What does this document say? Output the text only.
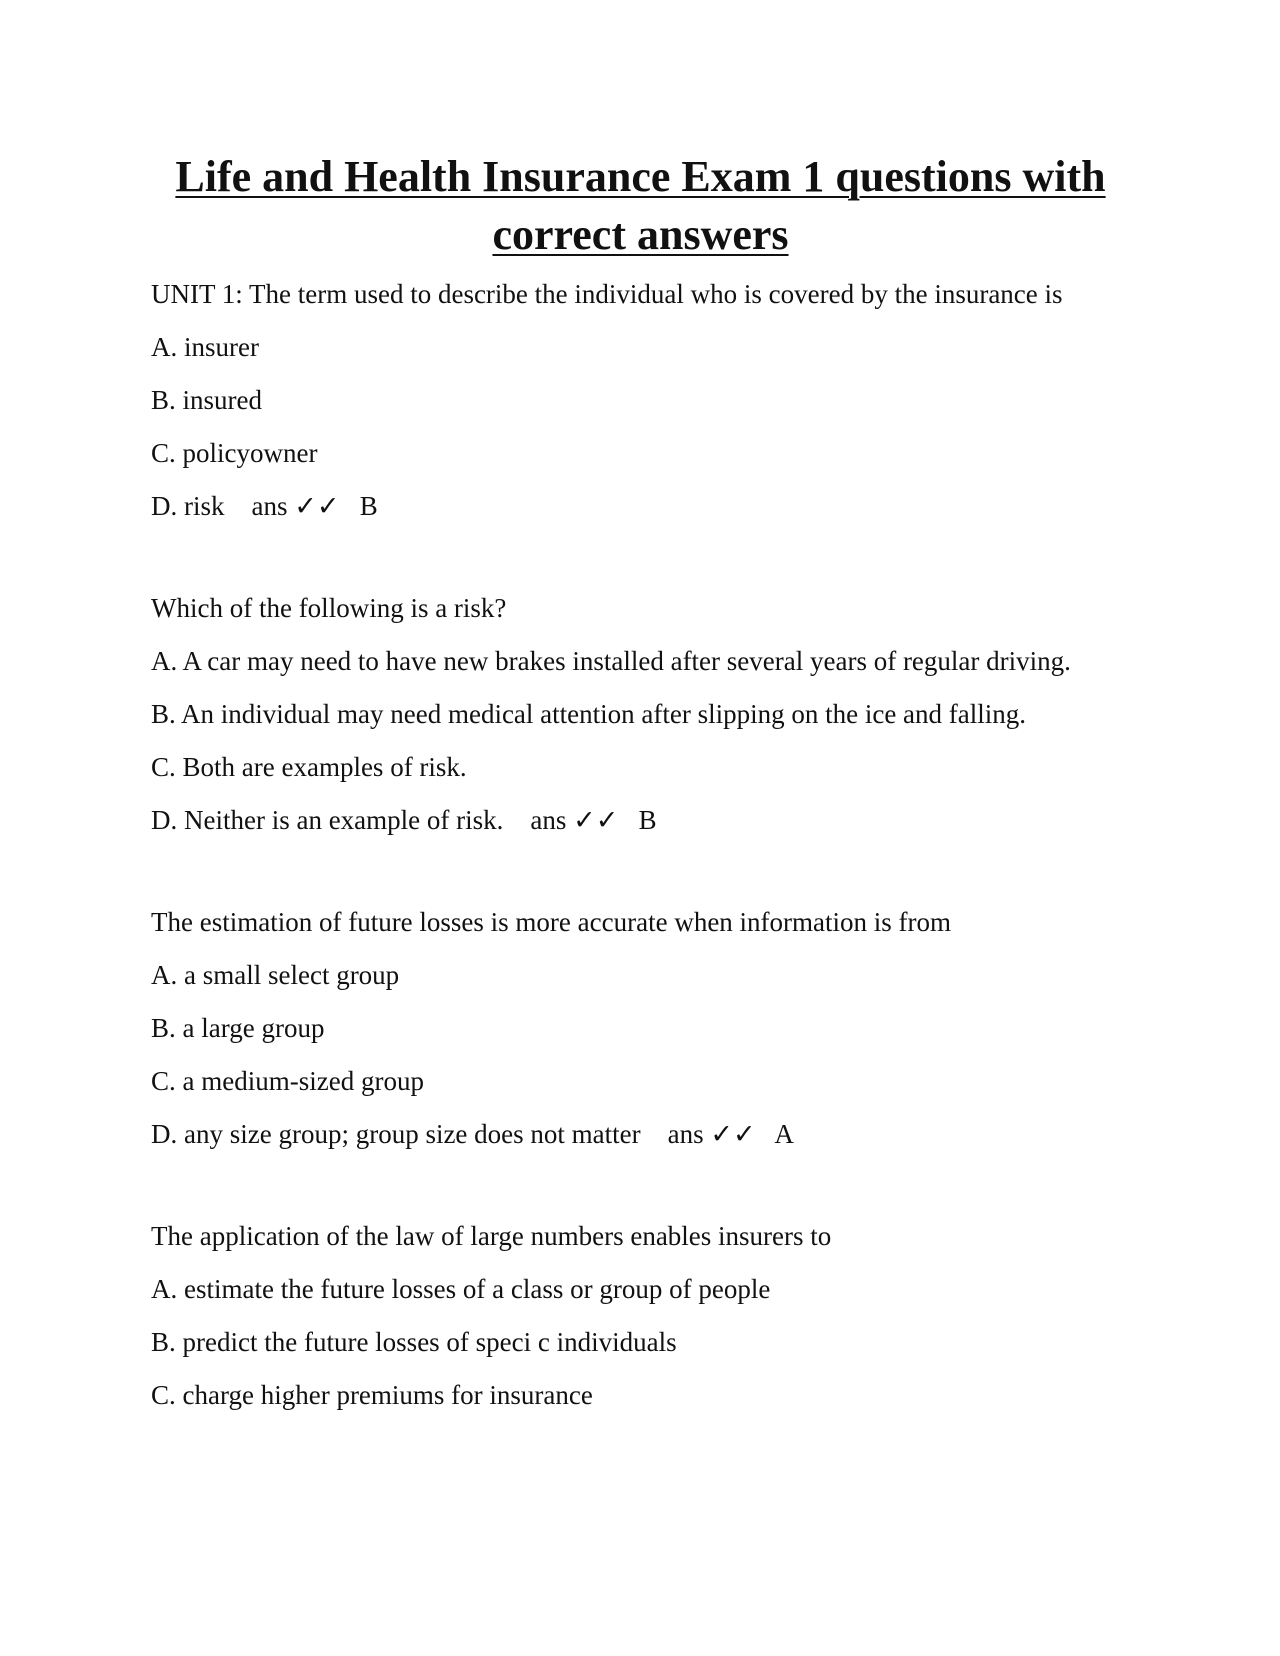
Life and Health Insurance Exam 1 questions with
correct answers

UNIT 1: The term used to describe the individual who is covered by the insurance is

A. insurer

B. insured

C. policyowner

D. risk ans ✓✓ B

Which of the following is a risk?

A. A car may need to have new brakes installed after several years of regular driving.

B. An individual may need medical attention after slipping on the ice and falling.

C. Both are examples of risk.

D. Neither is an example of risk. ans ✓✓ B

The estimation of future losses is more accurate when information is from

A. a small select group

B. a large group

C. a medium-sized group

D. any size group; group size does not matter ans ✓✓ A

The application of the law of large numbers enables insurers to

A. estimate the future losses of a class or group of people

B. predict the future losses of speci c individuals

C. charge higher premiums for insurance
